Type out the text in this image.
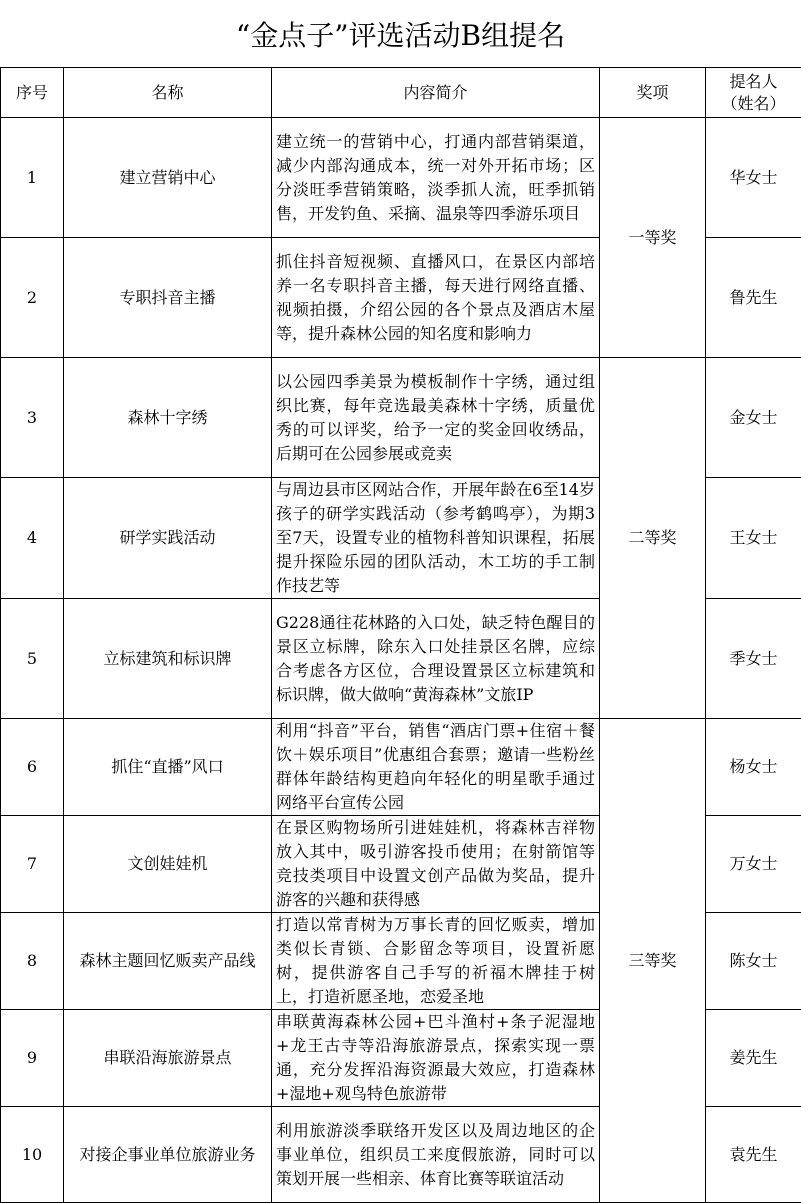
“金点子”评选活动B组提名
序号	名称	内容简介	奖项	提名人
（姓名）

1	建立营销中心	建立统一的营销中心，打通内部营销渠道，减少内部沟通成本，统一对外开拓市场；区分淡旺季营销策略，淡季抓人流，旺季抓销售，开发钓鱼、采摘、温泉等四季游乐项目	一等奖	华女士
2	专职抖音主播	抓住抖音短视频、直播风口，在景区内部培养一名专职抖音主播，每天进行网络直播、视频拍摄，介绍公园的各个景点及酒店木屋等，提升森林公园的知名度和影响力		鲁先生
3	森林十字绣	以公园四季美景为模板制作十字绣，通过组织比赛，每年竞选最美森林十字绣，质量优秀的可以评奖，给予一定的奖金回收绣品，后期可在公园参展或竞卖	二等奖	金女士
4	研学实践活动	与周边县市区网站合作，开展年龄在6至14岁孩子的研学实践活动（参考鹤鸣亭），为期3至7天，设置专业的植物科普知识课程，拓展提升探险乐园的团队活动，木工坊的手工制作技艺等		王女士
5	立标建筑和标识牌	G228通往花林路的入口处，缺乏特色醒目的景区立标牌，除东入口处挂景区名牌，应综合考虑各方区位，合理设置景区立标建筑和标识牌，做大做响“黄海森林”文旅IP		季女士
6	抓住“直播”风口	利用“抖音”平台，销售“酒店门票+住宿＋餐饮＋娱乐项目”优惠组合套票；邀请一些粉丝群体年龄结构更趋向年轻化的明星歌手通过网络平台宣传公园	三等奖	杨女士
7	文创娃娃机	在景区购物场所引进娃娃机，将森林吉祥物放入其中，吸引游客投币使用；在射箭馆等竞技类项目中设置文创产品做为奖品，提升游客的兴趣和获得感		万女士
8	森林主题回忆贩卖产品线	打造以常青树为万事长青的回忆贩卖，增加类似长青锁、合影留念等项目，设置祈愿树，提供游客自己手写的祈福木牌挂于树上，打造祈愿圣地，恋爱圣地		陈女士
9	串联沿海旅游景点	串联黄海森林公园+巴斗渔村+条子泥湿地+龙王古寺等沿海旅游景点，探索实现一票通，充分发挥沿海资源最大效应，打造森林+湿地+观鸟特色旅游带		姜先生
10	对接企事业单位旅游业务	利用旅游淡季联络开发区以及周边地区的企事业单位，组织员工来度假旅游，同时可以策划开展一些相亲、体育比赛等联谊活动		袁先生
